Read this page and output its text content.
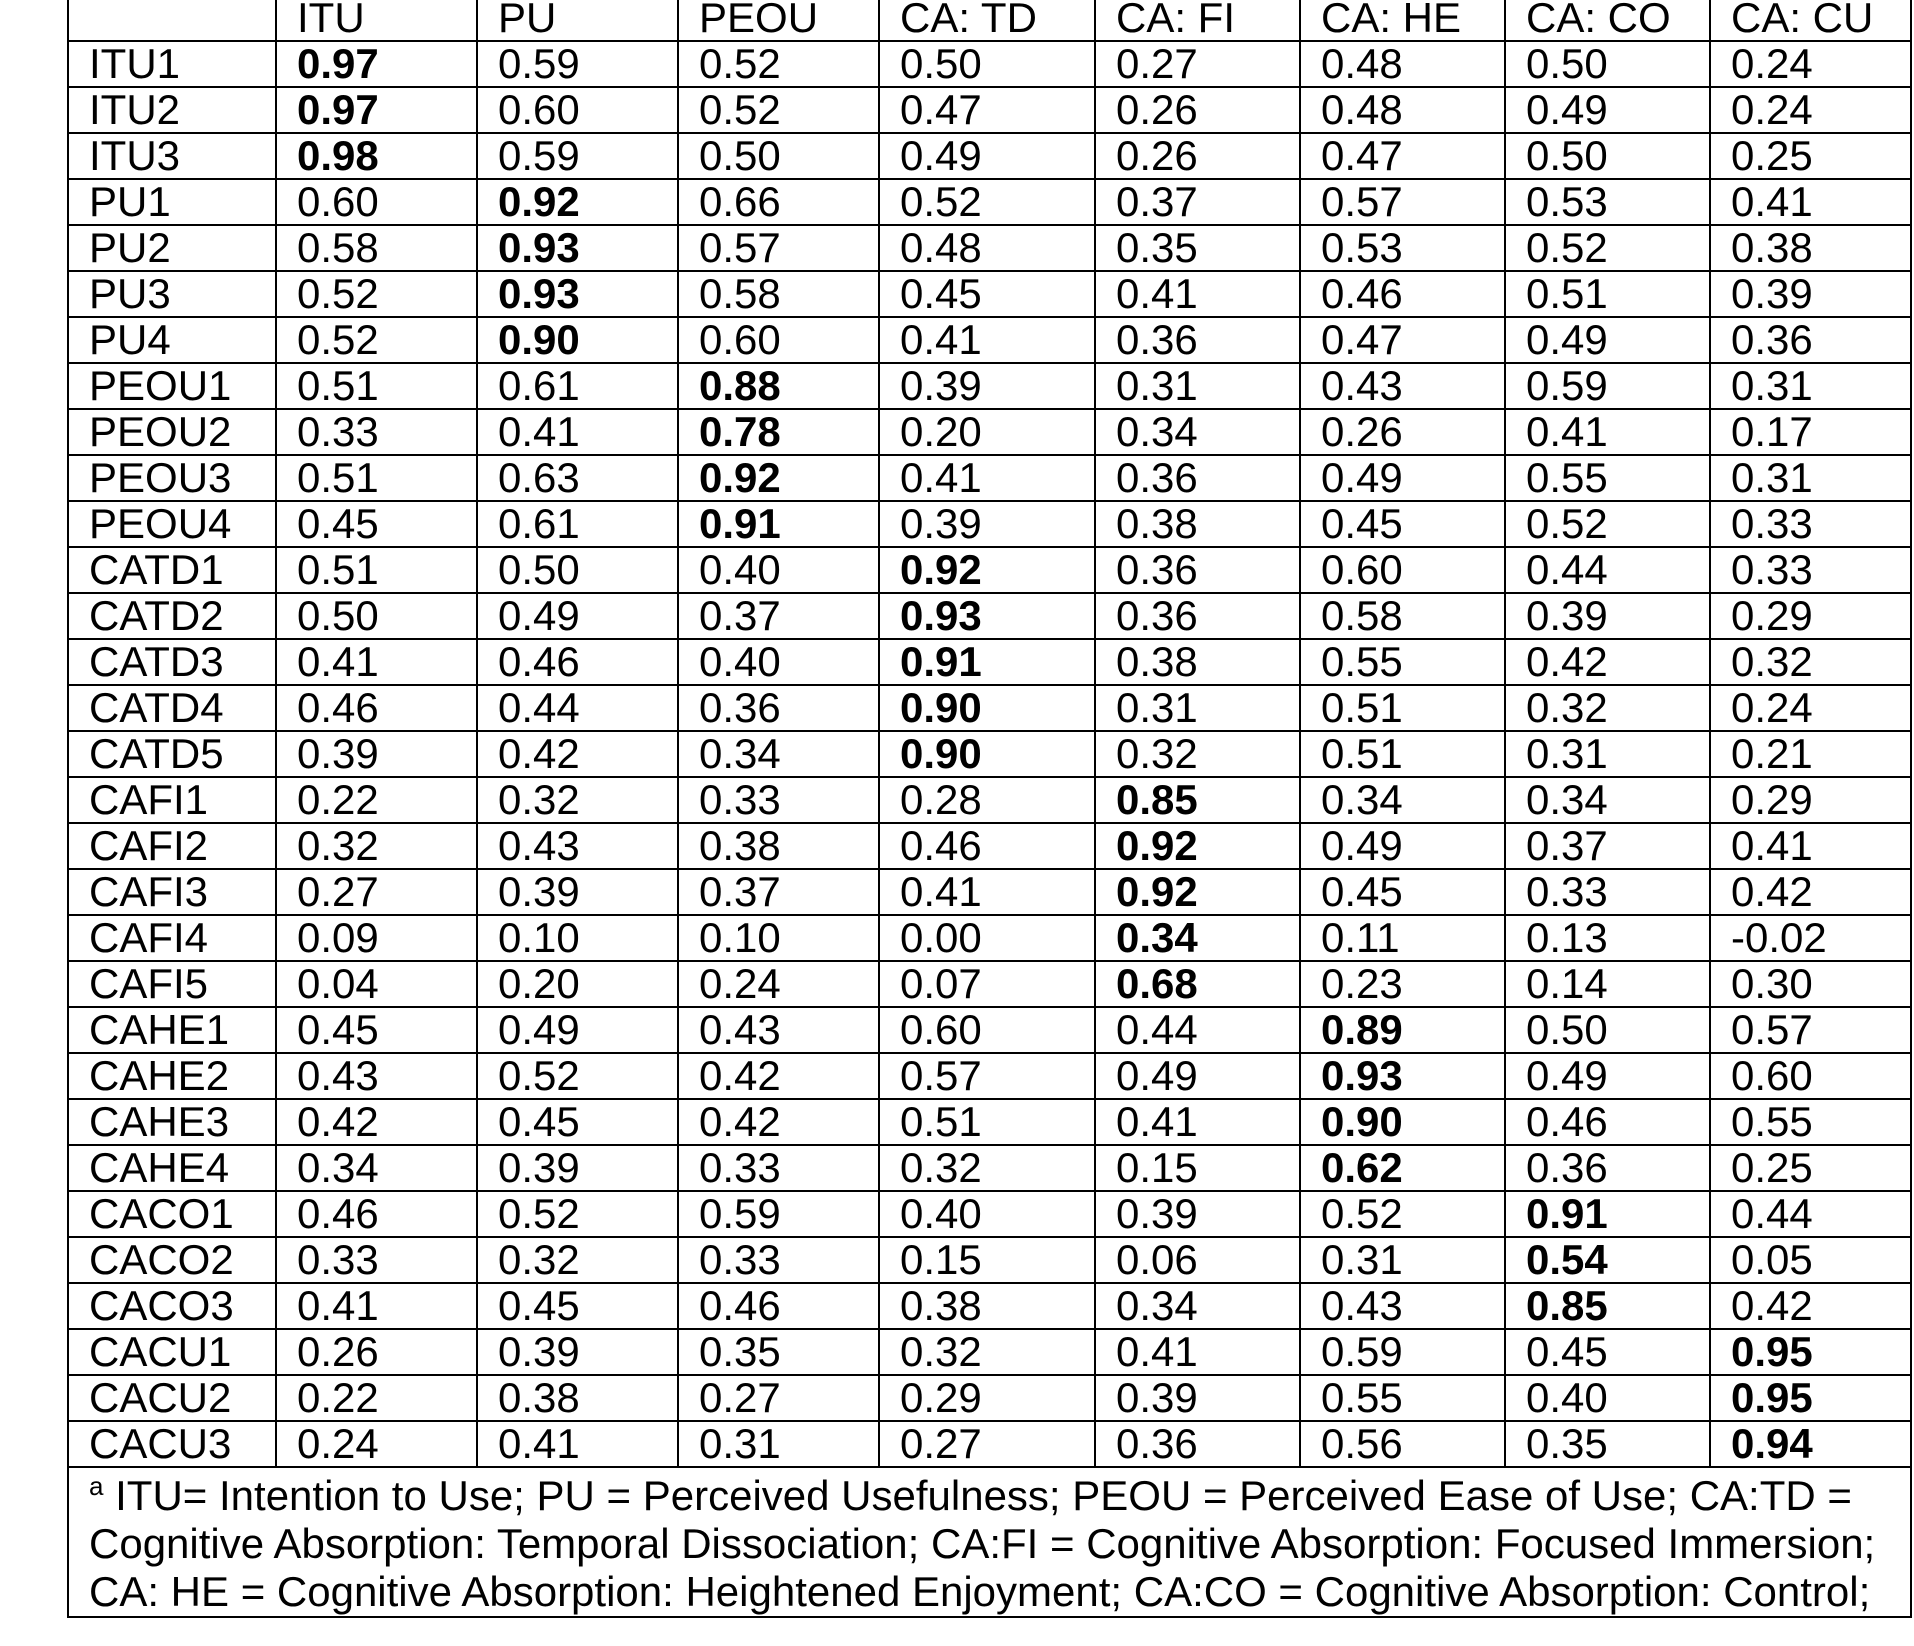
	ITU	PU	PEOU	CA: TD	CA: FI	CA: HE	CA: CO	CA: CU
ITU1	0.97	0.59	0.52	0.50	0.27	0.48	0.50	0.24
ITU2	0.97	0.60	0.52	0.47	0.26	0.48	0.49	0.24
ITU3	0.98	0.59	0.50	0.49	0.26	0.47	0.50	0.25
PU1	0.60	0.92	0.66	0.52	0.37	0.57	0.53	0.41
PU2	0.58	0.93	0.57	0.48	0.35	0.53	0.52	0.38
PU3	0.52	0.93	0.58	0.45	0.41	0.46	0.51	0.39
PU4	0.52	0.90	0.60	0.41	0.36	0.47	0.49	0.36
PEOU1	0.51	0.61	0.88	0.39	0.31	0.43	0.59	0.31
PEOU2	0.33	0.41	0.78	0.20	0.34	0.26	0.41	0.17
PEOU3	0.51	0.63	0.92	0.41	0.36	0.49	0.55	0.31
PEOU4	0.45	0.61	0.91	0.39	0.38	0.45	0.52	0.33
CATD1	0.51	0.50	0.40	0.92	0.36	0.60	0.44	0.33
CATD2	0.50	0.49	0.37	0.93	0.36	0.58	0.39	0.29
CATD3	0.41	0.46	0.40	0.91	0.38	0.55	0.42	0.32
CATD4	0.46	0.44	0.36	0.90	0.31	0.51	0.32	0.24
CATD5	0.39	0.42	0.34	0.90	0.32	0.51	0.31	0.21
CAFI1	0.22	0.32	0.33	0.28	0.85	0.34	0.34	0.29
CAFI2	0.32	0.43	0.38	0.46	0.92	0.49	0.37	0.41
CAFI3	0.27	0.39	0.37	0.41	0.92	0.45	0.33	0.42
CAFI4	0.09	0.10	0.10	0.00	0.34	0.11	0.13	-0.02
CAFI5	0.04	0.20	0.24	0.07	0.68	0.23	0.14	0.30
CAHE1	0.45	0.49	0.43	0.60	0.44	0.89	0.50	0.57
CAHE2	0.43	0.52	0.42	0.57	0.49	0.93	0.49	0.60
CAHE3	0.42	0.45	0.42	0.51	0.41	0.90	0.46	0.55
CAHE4	0.34	0.39	0.33	0.32	0.15	0.62	0.36	0.25
CACO1	0.46	0.52	0.59	0.40	0.39	0.52	0.91	0.44
CACO2	0.33	0.32	0.33	0.15	0.06	0.31	0.54	0.05
CACO3	0.41	0.45	0.46	0.38	0.34	0.43	0.85	0.42
CACU1	0.26	0.39	0.35	0.32	0.41	0.59	0.45	0.95
CACU2	0.22	0.38	0.27	0.29	0.39	0.55	0.40	0.95
CACU3	0.24	0.41	0.31	0.27	0.36	0.56	0.35	0.94
$^a$ ITU= Intention to Use; PU = Perceived Usefulness; PEOU = Perceived Ease of Use; CA:TD = Cognitive Absorption: Temporal Dissociation; CA:FI = Cognitive Absorption: Focused Immersion; CA: HE = Cognitive Absorption: Heightened Enjoyment; CA:CO = Cognitive Absorption: Control;								
